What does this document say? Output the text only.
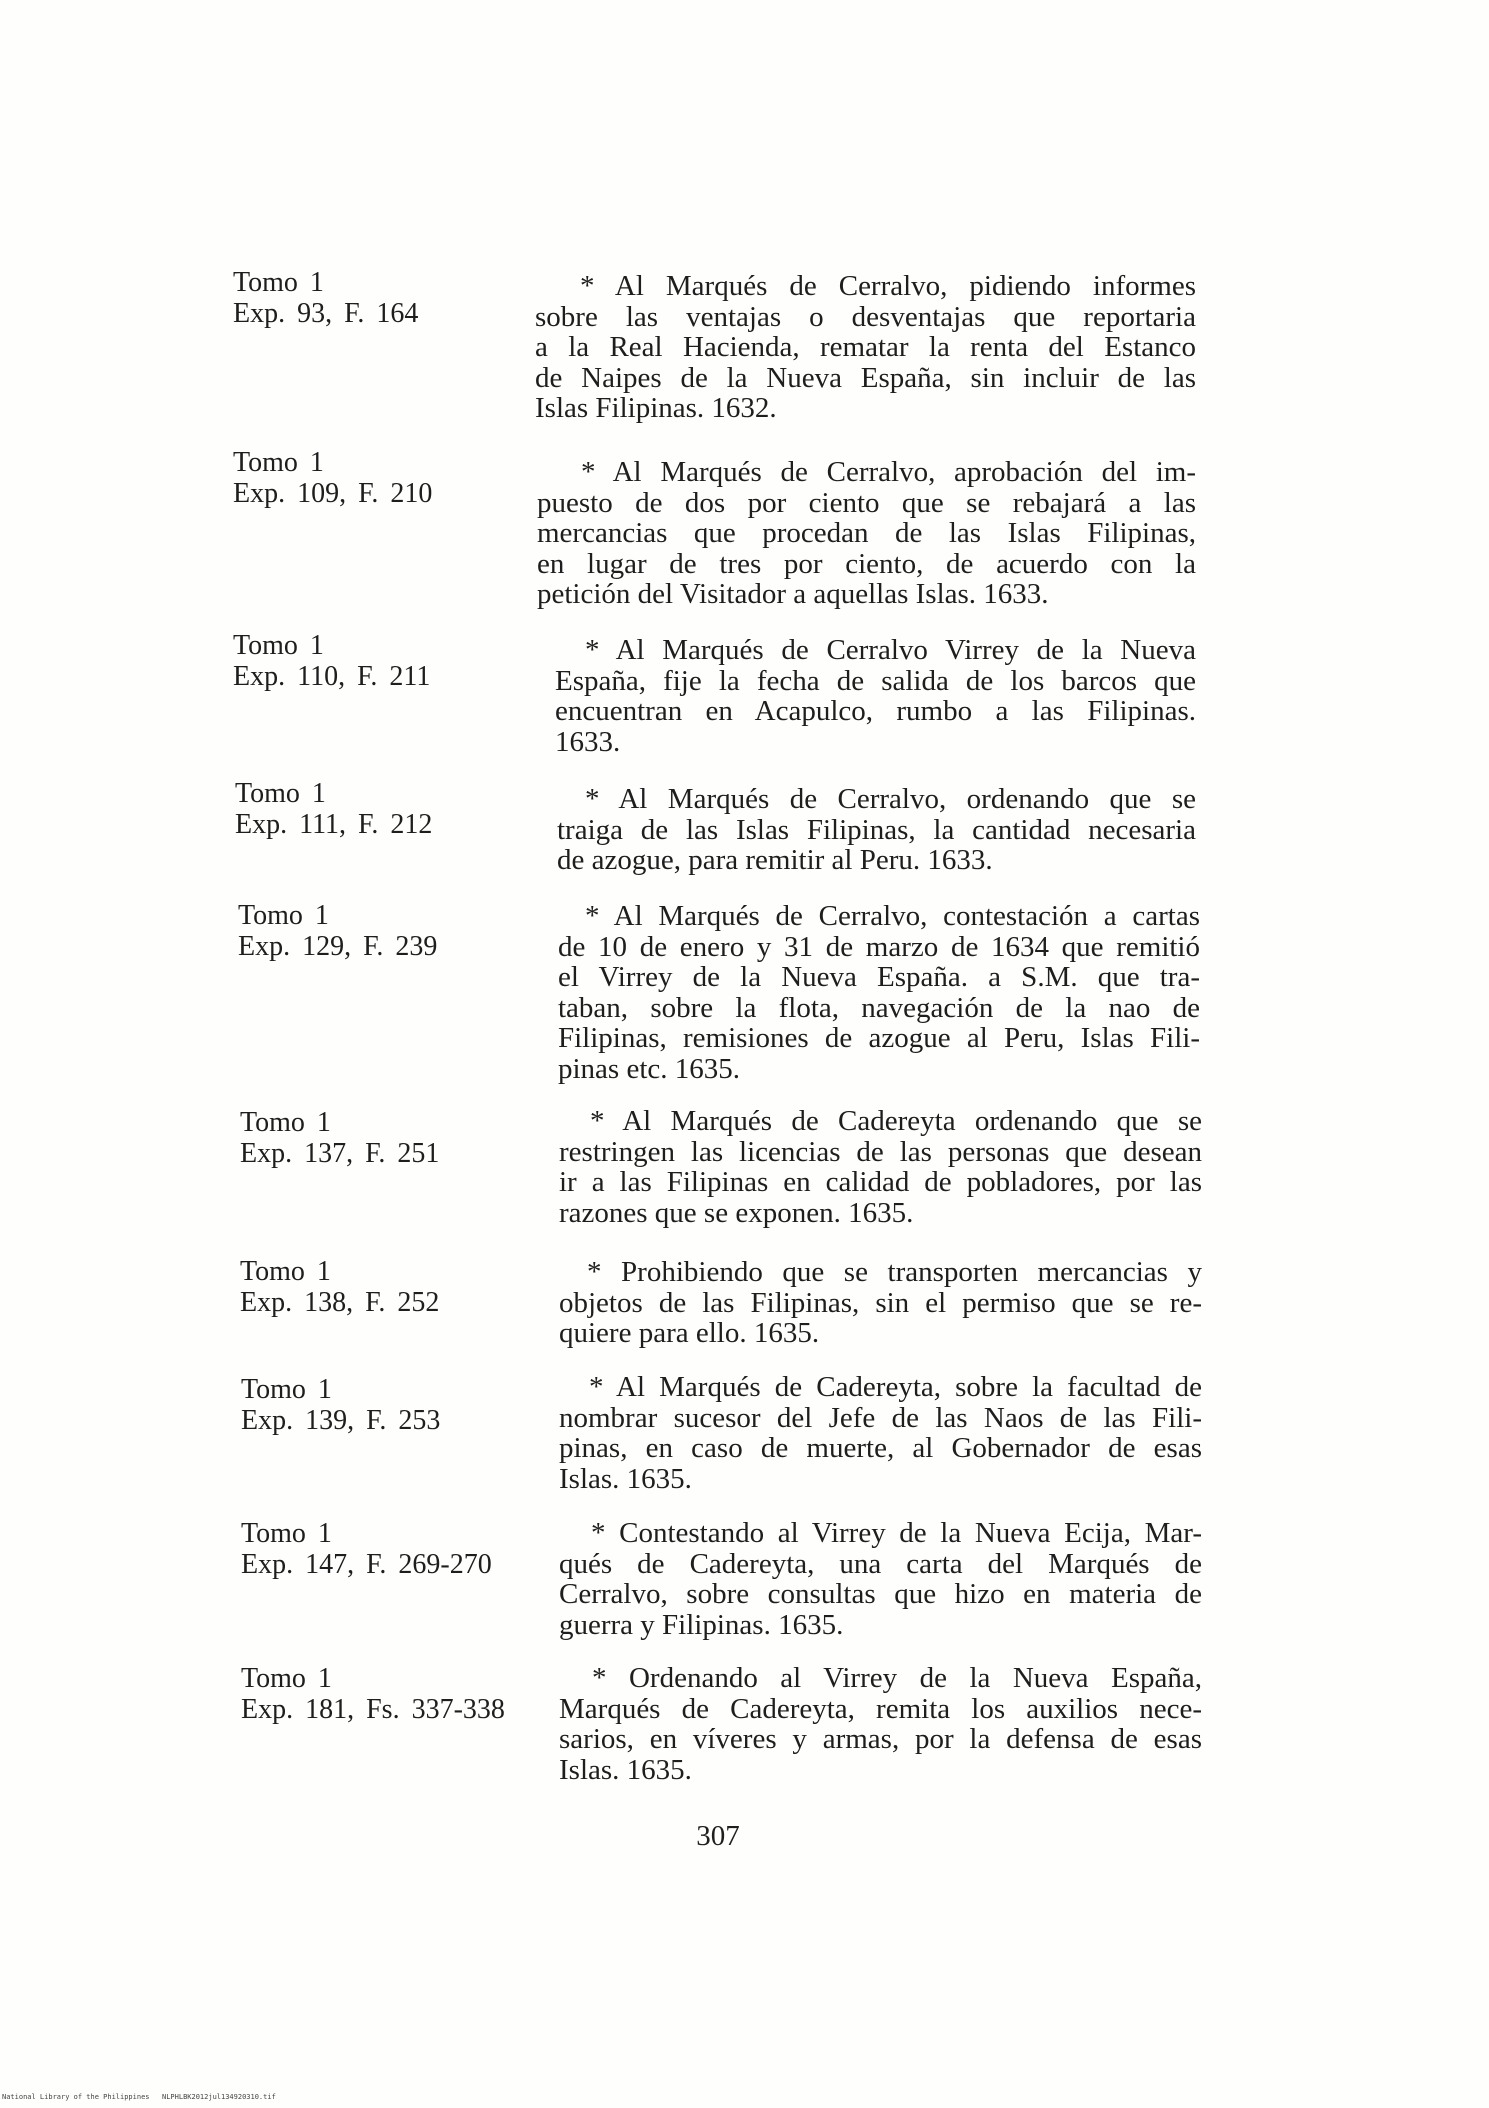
Tomo 1
Exp. 93, F. 164
* Al Marqués de Cerralvo, pidiendo informes
sobre las ventajas o desventajas que reportaria
a la Real Hacienda, rematar la renta del Estanco
de Naipes de la Nueva España, sin incluir de las
Islas Filipinas. 1632.
Tomo 1
Exp. 109, F. 210
* Al Marqués de Cerralvo, aprobación del im-
puesto de dos por ciento que se rebajará a las
mercancias que procedan de las Islas Filipinas,
en lugar de tres por ciento, de acuerdo con la
petición del Visitador a aquellas Islas. 1633.
Tomo 1
Exp. 110, F. 211
* Al Marqués de Cerralvo Virrey de la Nueva
España, fije la fecha de salida de los barcos que
encuentran en Acapulco, rumbo a las Filipinas.
1633.
Tomo 1
Exp. 111, F. 212
* Al Marqués de Cerralvo, ordenando que se
traiga de las Islas Filipinas, la cantidad necesaria
de azogue, para remitir al Peru. 1633.
Tomo 1
Exp. 129, F. 239
* Al Marqués de Cerralvo, contestación a cartas
de 10 de enero y 31 de marzo de 1634 que remitió
el Virrey de la Nueva España. a S.M. que tra-
taban, sobre la flota, navegación de la nao de
Filipinas, remisiones de azogue al Peru, Islas Fili-
pinas etc. 1635.
Tomo 1
Exp. 137, F. 251
* Al Marqués de Cadereyta ordenando que se
restringen las licencias de las personas que desean
ir a las Filipinas en calidad de pobladores, por las
razones que se exponen. 1635.
Tomo 1
Exp. 138, F. 252
* Prohibiendo que se transporten mercancias y
objetos de las Filipinas, sin el permiso que se re-
quiere para ello. 1635.
Tomo 1
Exp. 139, F. 253
* Al Marqués de Cadereyta, sobre la facultad de
nombrar sucesor del Jefe de las Naos de las Fili-
pinas, en caso de muerte, al Gobernador de esas
Islas. 1635.
Tomo 1
Exp. 147, F. 269-270
* Contestando al Virrey de la Nueva Ecija, Mar-
qués de Cadereyta, una carta del Marqués de
Cerralvo, sobre consultas que hizo en materia de
guerra y Filipinas. 1635.
Tomo 1
Exp. 181, Fs. 337-338
* Ordenando al Virrey de la Nueva España,
Marqués de Cadereyta, remita los auxilios nece-
sarios, en víveres y armas, por la defensa de esas
Islas. 1635.
307
National Library of the Philippines NLPHLBK2012jul134920310.tif
